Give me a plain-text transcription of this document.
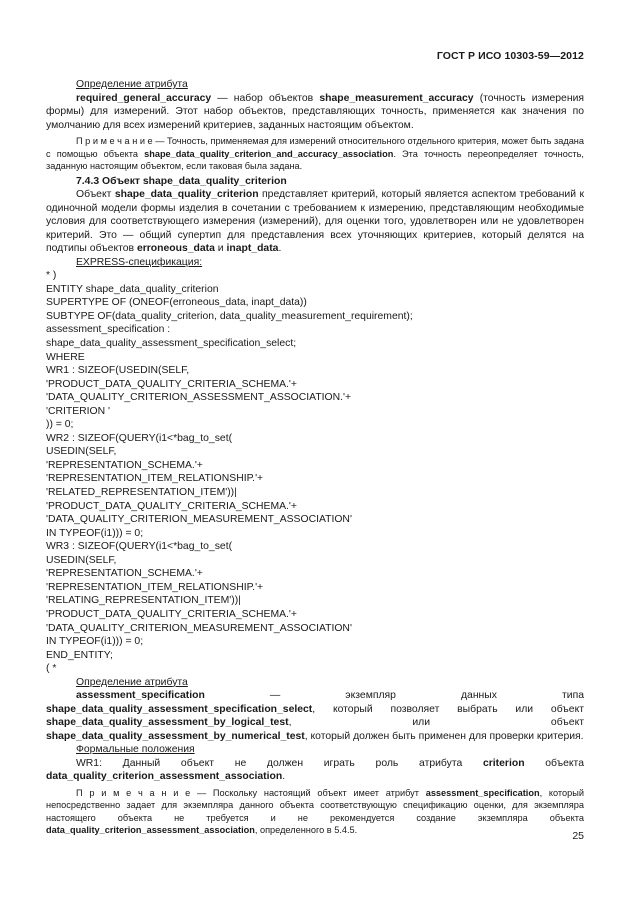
ГОСТ Р ИСО 10303-59—2012
Определение атрибута

required_general_accuracy — набор объектов shape_measurement_accuracy (точность измерения формы) для измерений. Этот набор объектов, представляющих точность, применяется как значения по умолчанию для всех измерений критериев, заданных настоящим объектом.

П р и м е ч а н и е — Точность, применяемая для измерений относительного отдельного критерия, может быть задана с помощью объекта shape_data_quality_criterion_and_accuracy_association. Эта точность переопределяет точность, заданную настоящим объектом, если таковая была задана.

7.4.3 Объект shape_data_quality_criterion

Объект shape_data_quality_criterion представляет критерий, который является аспектом требований к одиночной модели формы изделия в сочетании с требованием к измерению, представляющим необходимые условия для соответствующего измерения (измерений), для оценки того, удовлетворен или не удовлетворен критерий. Это — общий супертип для представления всех уточняющих критериев, который делятся на подтипы объектов erroneous_data и inapt_data.

EXPRESS-спецификация:
* )
ENTITY shape_data_quality_criterion
SUPERTYPE OF (ONEOF(erroneous_data, inapt_data))
SUBTYPE OF(data_quality_criterion, data_quality_measurement_requirement);
assessment_specification :
shape_data_quality_assessment_specification_select;
WHERE
WR1 : SIZEOF(USEDIN(SELF,
'PRODUCT_DATA_QUALITY_CRITERIA_SCHEMA.'+
'DATA_QUALITY_CRITERION_ASSESSMENT_ASSOCIATION.'+
'CRITERION '
)) = 0;
WR2 : SIZEOF(QUERY(i1<*bag_to_set(
USEDIN(SELF,
'REPRESENTATION_SCHEMA.'+
'REPRESENTATION_ITEM_RELATIONSHIP.'+
'RELATED_REPRESENTATION_ITEM'))|
'PRODUCT_DATA_QUALITY_CRITERIA_SCHEMA.'+
'DATA_QUALITY_CRITERION_MEASUREMENT_ASSOCIATION'
IN TYPEOF(i1))) = 0;
WR3 : SIZEOF(QUERY(i1<*bag_to_set(
USEDIN(SELF,
'REPRESENTATION_SCHEMA.'+
'REPRESENTATION_ITEM_RELATIONSHIP.'+
'RELATING_REPRESENTATION_ITEM'))|
'PRODUCT_DATA_QUALITY_CRITERIA_SCHEMA.'+
'DATA_QUALITY_CRITERION_MEASUREMENT_ASSOCIATION'
IN TYPEOF(i1))) = 0;
END_ENTITY;
( *
Определение атрибута

assessment_specification — экземпляр данных типа shape_data_quality_assessment_specification_select, который позволяет выбрать или объект shape_data_quality_assessment_by_logical_test, или объект shape_data_quality_assessment_by_numerical_test, который должен быть применен для проверки критерия.

Формальные положения

WR1: Данный объект не должен играть роль атрибута criterion объекта data_quality_criterion_assessment_association.

П р и м е ч а н и е — Поскольку настоящий объект имеет атрибут assessment_specification, который непосредственно задает для экземпляра данного объекта соответствующую спецификацию оценки, для экземпляра настоящего объекта не требуется и не рекомендуется создание экземпляра объекта data_quality_criterion_assessment_association, определенного в 5.4.5.	25
